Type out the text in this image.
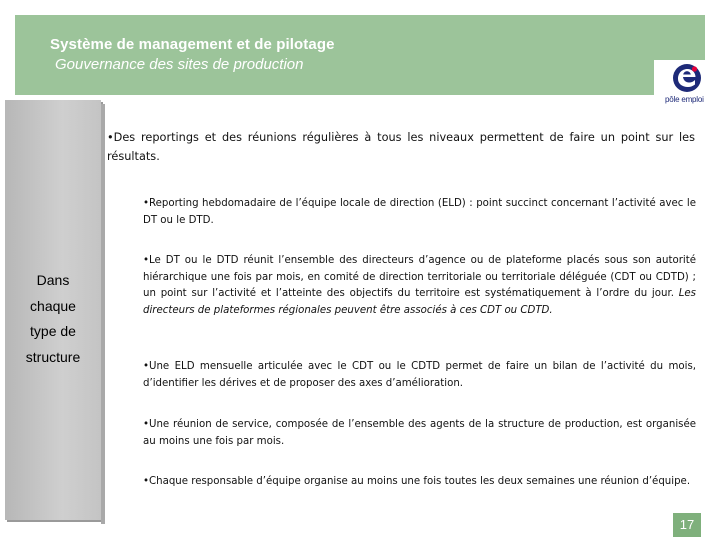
Système de management et de pilotage
Gouvernance des sites de production
pôle emploi
Dans
chaque
type de
structure
•Des reportings et des réunions régulières à tous les niveaux permettent de faire un point sur les résultats.
•Reporting hebdomadaire de l’équipe locale de direction (ELD) : point succinct concernant l’activité avec le DT ou le DTD.
•Le DT ou le DTD réunit l’ensemble des directeurs d’agence ou de plateforme placés sous son autorité hiérarchique une fois par mois, en comité de direction territoriale ou territoriale déléguée (CDT ou CDTD) ; un point sur l’activité et l’atteinte des objectifs du territoire est systématiquement à l’ordre du jour. Les directeurs de plateformes régionales peuvent être associés à ces CDT ou CDTD.
•Une ELD mensuelle articulée avec le CDT ou le CDTD permet de faire un bilan de l’activité du mois, d’identifier les dérives et de proposer des axes d’amélioration.
•Une réunion de service, composée de l’ensemble des agents de la structure de production, est organisée au moins une fois par mois.
•Chaque responsable d’équipe organise au moins une fois toutes les deux semaines une réunion d’équipe.
17
